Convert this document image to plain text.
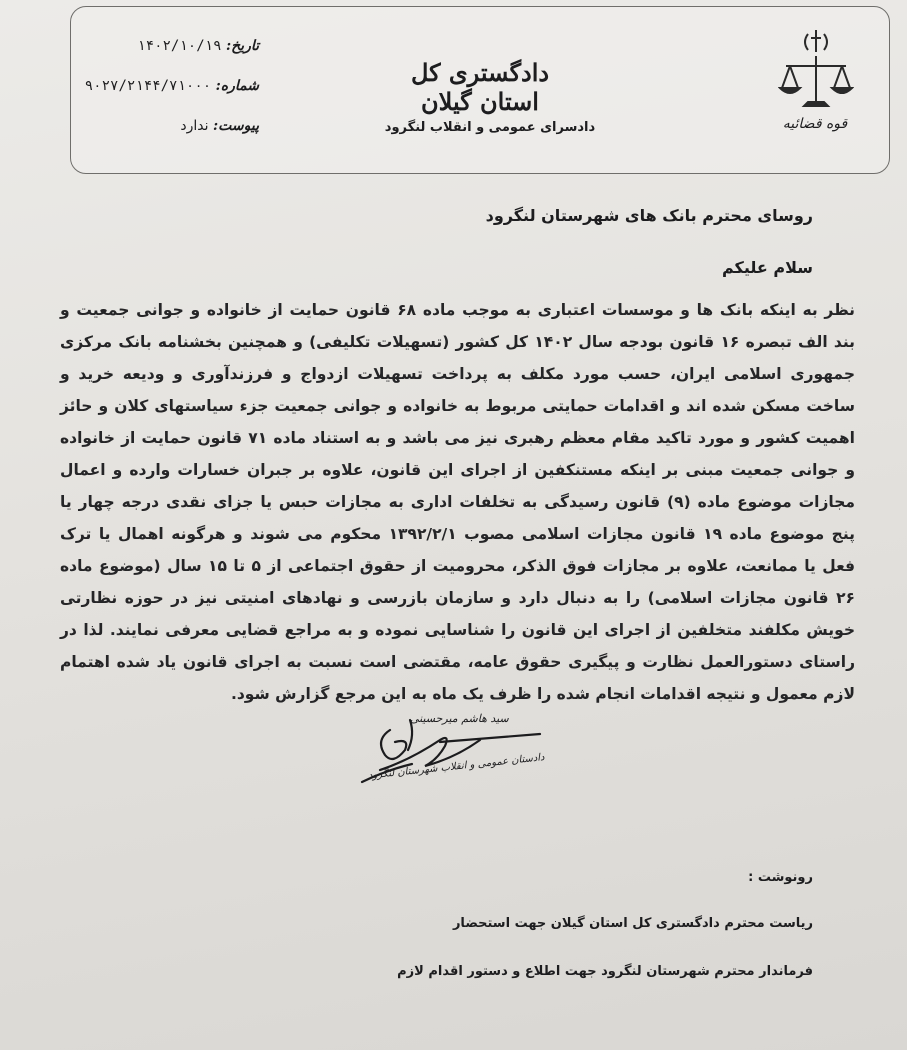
قوه قضائیه
دادگستری کل استان گیلان
دادسرای عمومی و انقلاب لنگرود
تاریخ: ۱۴۰۲/۱۰/۱۹
شماره: ۹۰۲۷/۲۱۴۴/۷۱۰۰۰
پیوست: ندارد
روسای محترم بانک های شهرستان لنگرود
سلام علیکم
نظر به اینکه بانک ها و موسسات اعتباری به موجب ماده ۶۸ قانون حمایت از خانواده و جوانی جمعیت و بند الف تبصره ۱۶ قانون بودجه سال ۱۴۰۲ کل کشور (تسهیلات تکلیفی) و همچنین بخشنامه بانک مرکزی جمهوری اسلامی ایران، حسب مورد مکلف به پرداخت تسهیلات ازدواج و فرزندآوری و ودیعه خرید و ساخت مسکن شده اند و اقدامات حمایتی مربوط به خانواده و جوانی جمعیت جزء سیاستهای کلان و حائز اهمیت کشور و مورد تاکید مقام معظم رهبری نیز می باشد و به استناد ماده ۷۱ قانون حمایت از خانواده و جوانی جمعیت مبنی بر اینکه مستنکفین از اجرای این قانون، علاوه بر جبران خسارات وارده و اعمال مجازات موضوع ماده (۹) قانون رسیدگی به تخلفات اداری به مجازات حبس یا جزای نقدی درجه چهار یا پنج موضوع ماده ۱۹ قانون مجازات اسلامی مصوب ۱۳۹۲/۲/۱ محکوم می شوند و هرگونه اهمال یا ترک فعل یا ممانعت، علاوه بر مجازات فوق الذکر، محرومیت از حقوق اجتماعی از ۵ تا ۱۵ سال (موضوع ماده ۲۶ قانون مجازات اسلامی) را به دنبال دارد و سازمان بازرسی و نهادهای امنیتی نیز در حوزه نظارتی خویش مکلفند متخلفین از اجرای این قانون را شناسایی نموده و به مراجع قضایی معرفی نمایند. لذا در راستای دستورالعمل نظارت و پیگیری حقوق عامه، مقتضی است نسبت به اجرای قانون یاد شده اهتمام لازم معمول و نتیجه اقدامات انجام شده را ظرف یک ماه به این مرجع گزارش شود.
سید هاشم میرحسینی
دادستان عمومی و انقلاب شهرستان لنگرود
رونوشت :
ریاست محترم دادگستری کل استان گیلان جهت استحضار
فرماندار محترم شهرستان لنگرود جهت اطلاع و دستور اقدام لازم
